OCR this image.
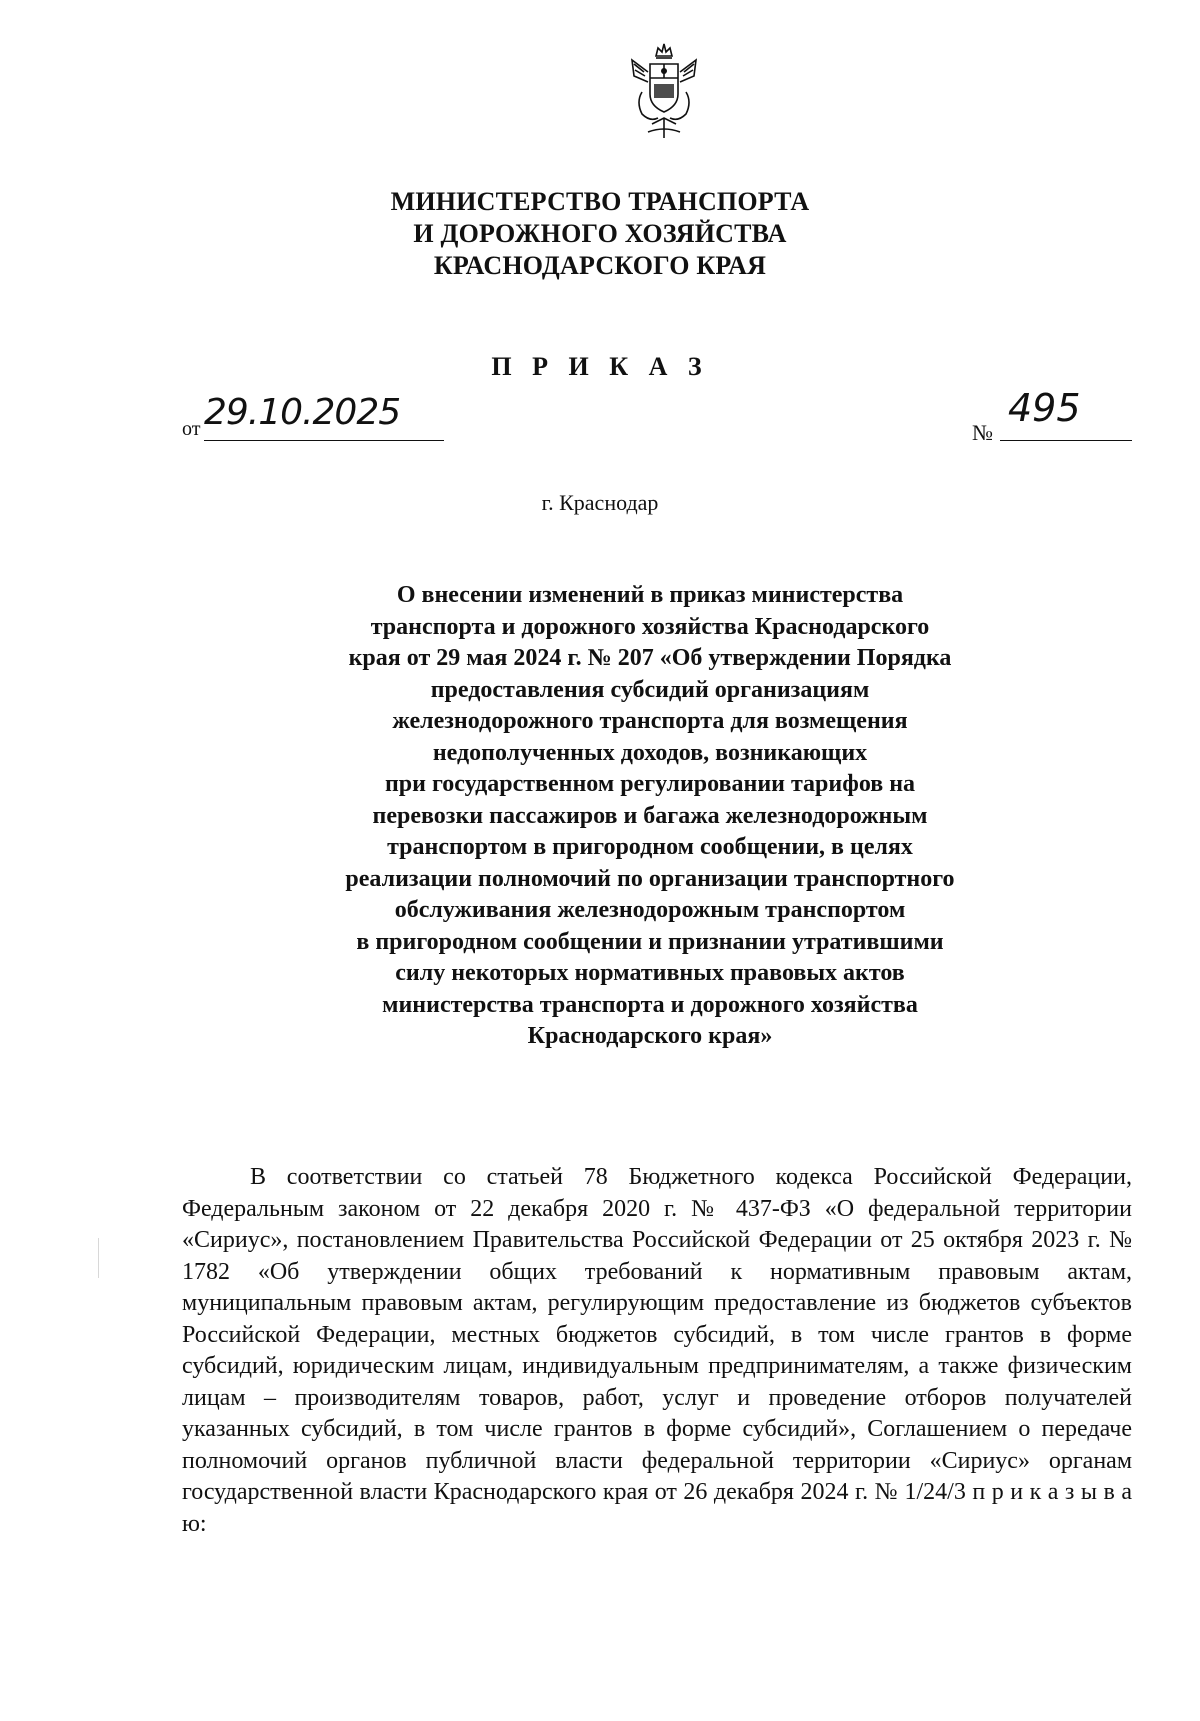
МИНИСТЕРСТВО ТРАНСПОРТА
И ДОРОЖНОГО ХОЗЯЙСТВА
КРАСНОДАРСКОГО КРАЯ
П Р И К А З
от 29.10.2025	№
495
г. Краснодар
О внесении изменений в приказ министерства
транспорта и дорожного хозяйства Краснодарского
края от 29 мая 2024 г. № 207 «Об утверждении Порядка
предоставления субсидий организациям
железнодорожного транспорта для возмещения
недополученных доходов, возникающих
при государственном регулировании тарифов на
перевозки пассажиров и багажа железнодорожным
транспортом в пригородном сообщении, в целях
реализации полномочий по организации транспортного
обслуживания железнодорожным транспортом
в пригородном сообщении и признании утратившими
силу некоторых нормативных правовых актов
министерства транспорта и дорожного хозяйства
Краснодарского края»
В соответствии со статьей 78 Бюджетного кодекса Российской Федерации, Федеральным законом от 22 декабря 2020 г. № 437-ФЗ «О федеральной территории «Сириус», постановлением Правительства Российской Федерации от 25 октября 2023 г. № 1782 «Об утверждении общих требований к нормативным правовым актам, муниципальным правовым актам, регулирующим предоставление из бюджетов субъектов Российской Федерации, местных бюджетов субсидий, в том числе грантов в форме субсидий, юридическим лицам, индивидуальным предпринимателям, а также физическим лицам – производителям товаров, работ, услуг и проведение отборов получателей указанных субсидий, в том числе грантов в форме субсидий», Соглашением о передаче полномочий органов публичной власти федеральной территории «Сириус» органам государственной власти Краснодарского края от 26 декабря 2024 г. № 1/24/3 п р и к а з ы в а ю:
